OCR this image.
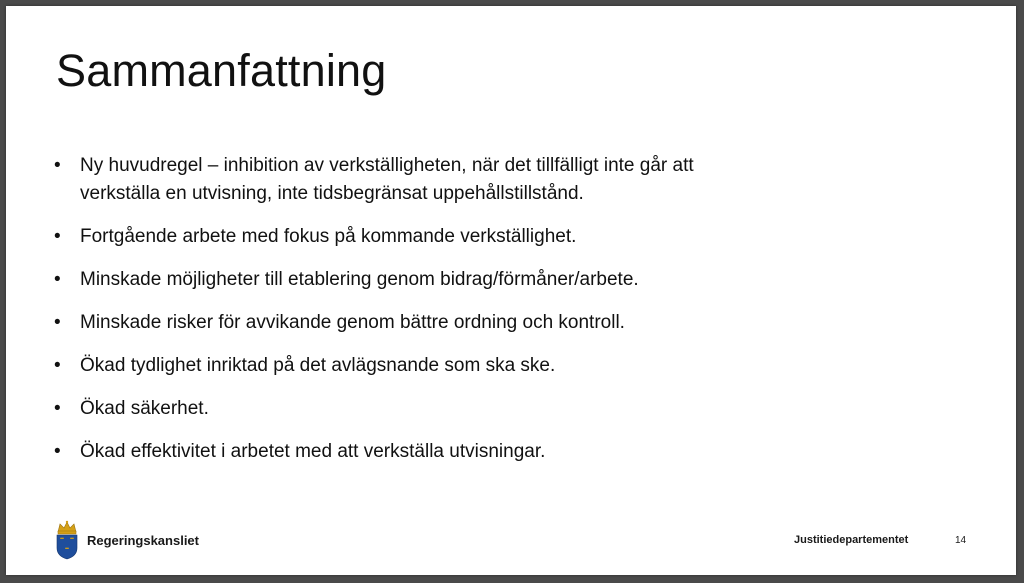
Sammanfattning
•	Ny huvudregel – inhibition av verkställigheten, när det tillfälligt inte går att verkställa en utvisning, inte tidsbegränsat uppehållstillstånd.
•	Fortgående arbete med fokus på kommande verkställighet.
•	Minskade möjligheter till etablering genom bidrag/förmåner/arbete.
•	Minskade risker för avvikande genom bättre ordning och kontroll.
•	Ökad tydlighet inriktad på det avlägsnande som ska ske.
•	Ökad säkerhet.
•	Ökad effektivitet i arbetet med att verkställa utvisningar.
Regeringskansliet	Justitiedepartementet	14
